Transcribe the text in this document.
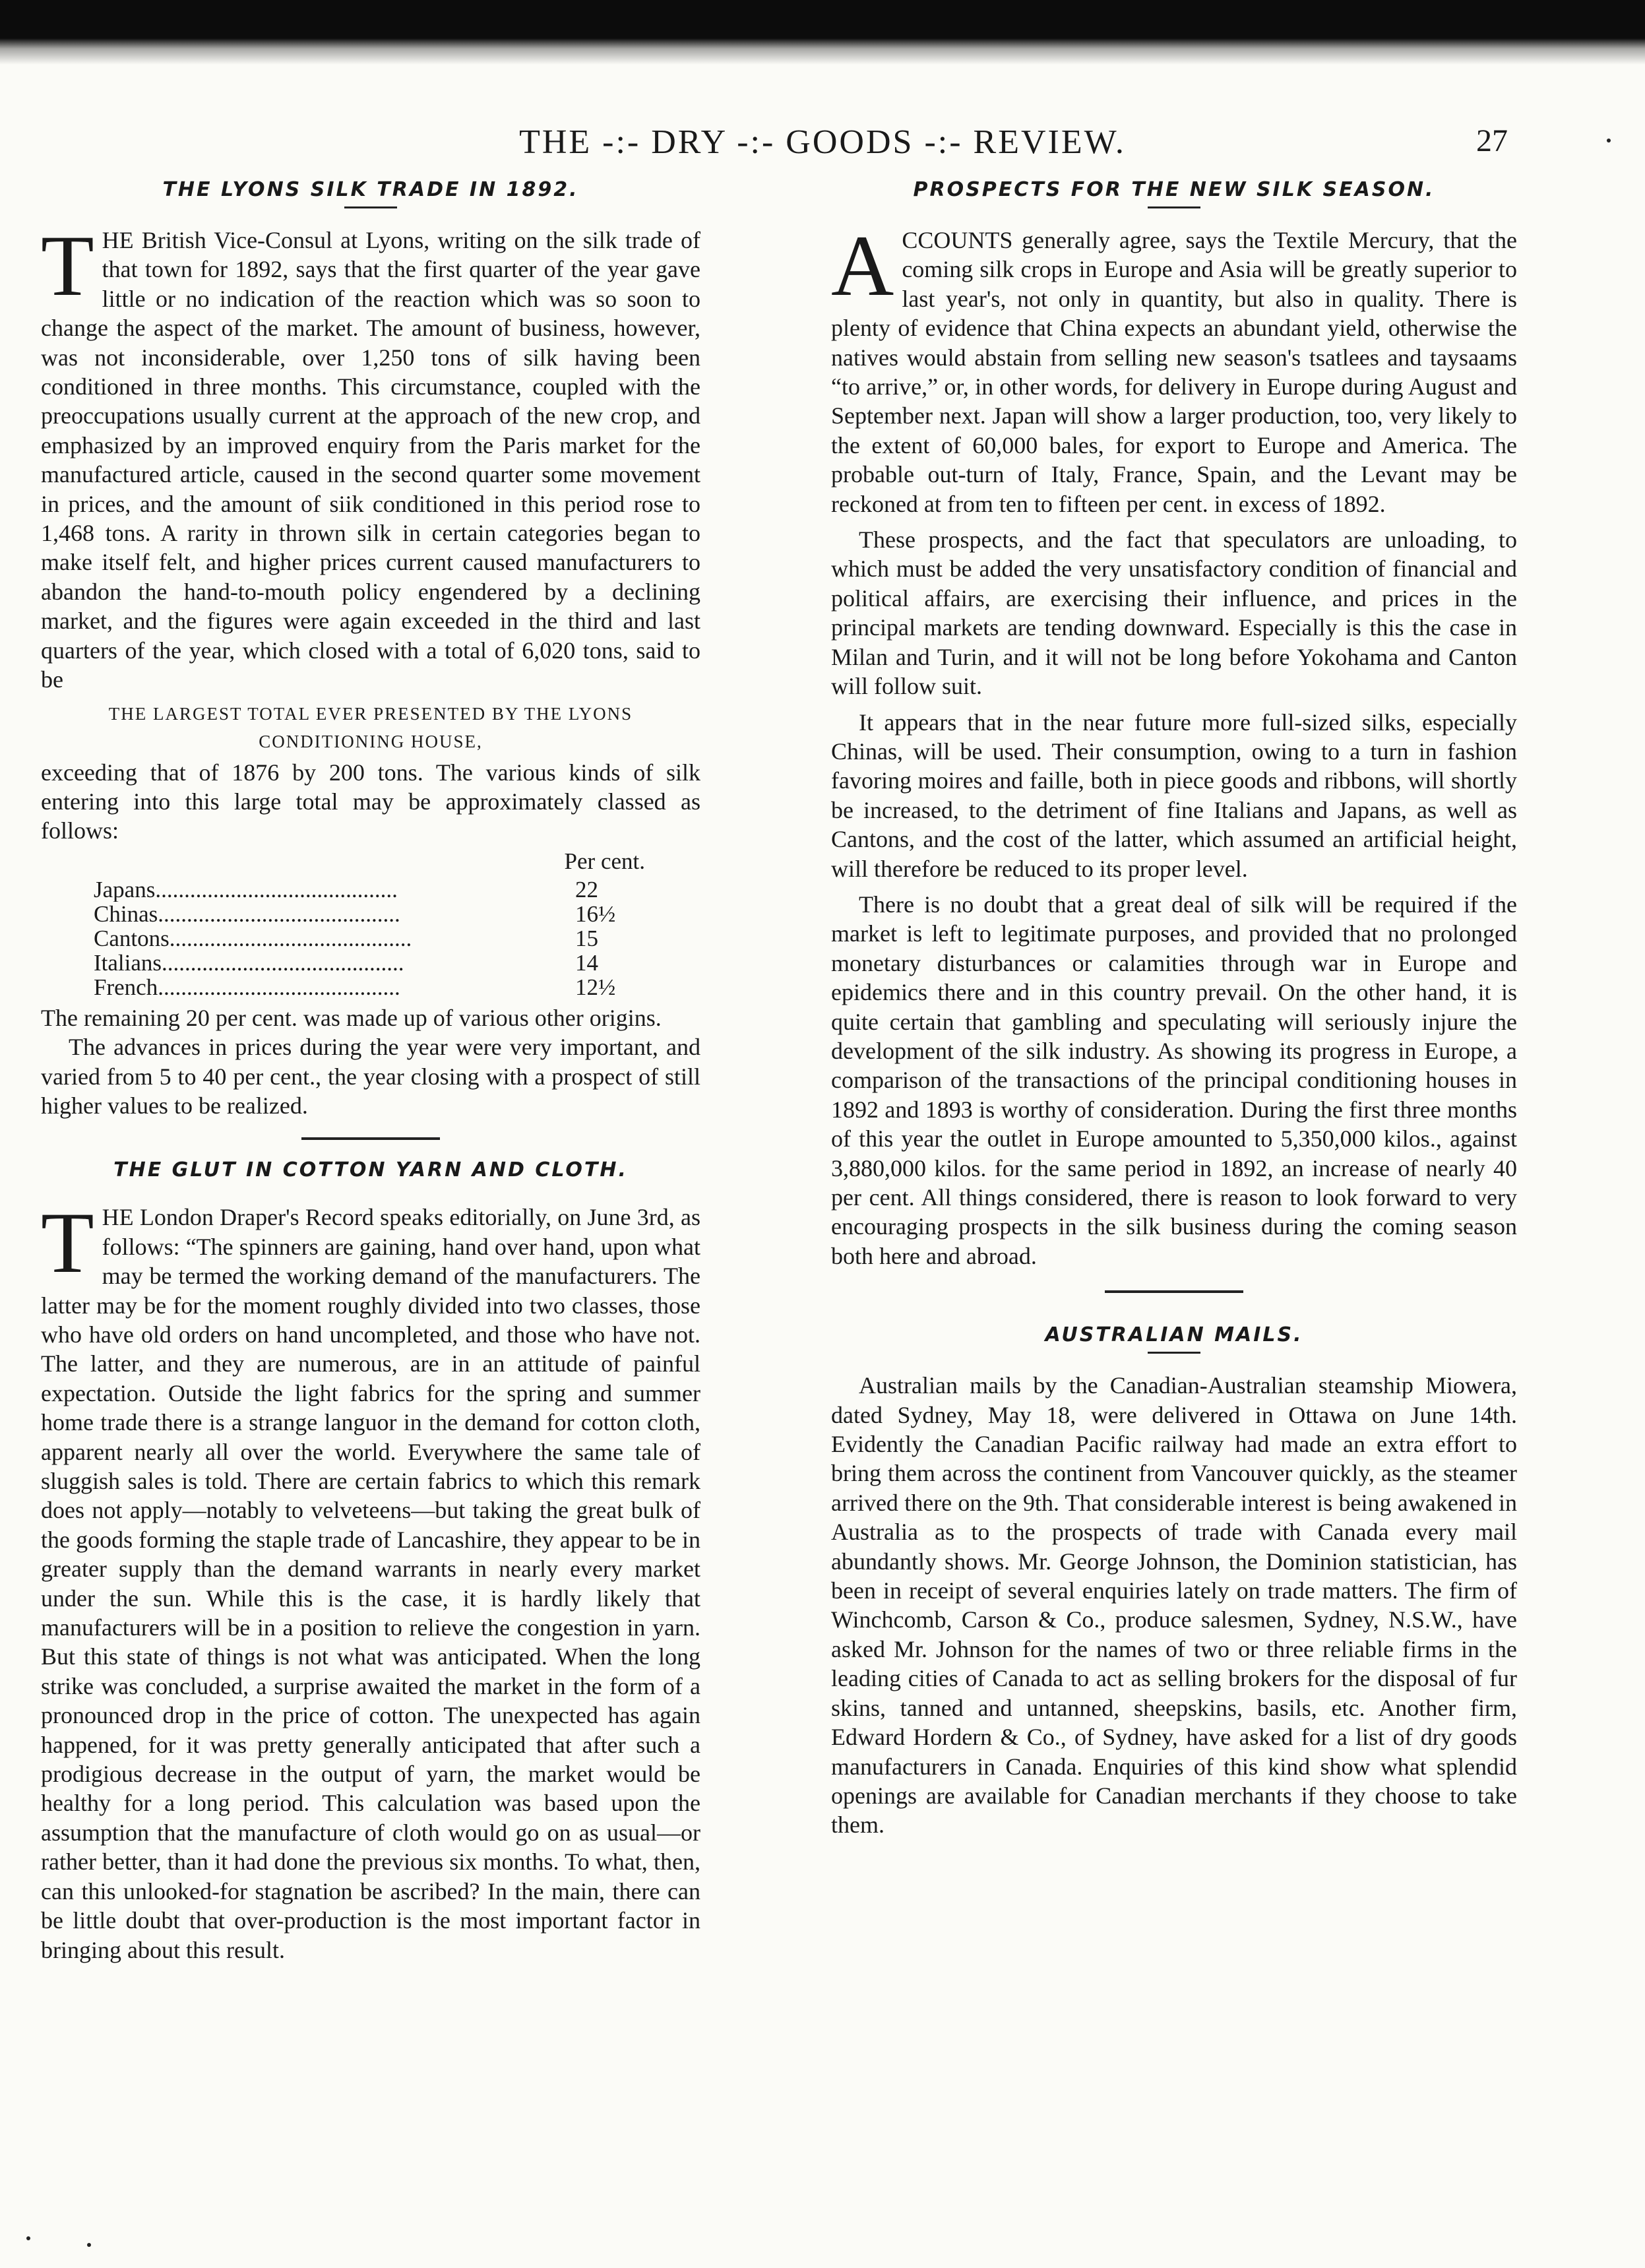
THE -:- DRY -:- GOODS -:- REVIEW.	27
THE LYONS SILK TRADE IN 1892.

THE British Vice-Consul at Lyons, writing on the silk trade of that town for 1892, says that the first quarter of the year gave little or no indication of the reaction which was so soon to change the aspect of the market. The amount of business, however, was not inconsiderable, over 1,250 tons of silk having been conditioned in three months. This circumstance, coupled with the preoccupations usually current at the approach of the new crop, and emphasized by an improved enquiry from the Paris market for the manufactured article, caused in the second quarter some movement in prices, and the amount of siik conditioned in this period rose to 1,468 tons. A rarity in thrown silk in certain categories began to make itself felt, and higher prices current caused manufacturers to abandon the hand-to-mouth policy engendered by a declining market, and the figures were again exceeded in the third and last quarters of the year, which closed with a total of 6,020 tons, said to be

THE LARGEST TOTAL EVER PRESENTED BY THE LYONS CONDITIONING HOUSE,

exceeding that of 1876 by 200 tons. The various kinds of silk entering into this large total may be approximately classed as follows:

Per cent.
Japans..........................................	22
Chinas..........................................	16½
Cantons..........................................	15
Italians..........................................	14
French..........................................	12½

The remaining 20 per cent. was made up of various other origins.

The advances in prices during the year were very important, and varied from 5 to 40 per cent., the year closing with a prospect of still higher values to be realized.

THE GLUT IN COTTON YARN AND CLOTH.

THE London Draper's Record speaks editorially, on June 3rd, as follows: “The spinners are gaining, hand over hand, upon what may be termed the working demand of the manufacturers. The latter may be for the moment roughly divided into two classes, those who have old orders on hand uncompleted, and those who have not. The latter, and they are numerous, are in an attitude of painful expectation. Outside the light fabrics for the spring and summer home trade there is a strange languor in the demand for cotton cloth, apparent nearly all over the world. Everywhere the same tale of sluggish sales is told. There are certain fabrics to which this remark does not apply—notably to velveteens—but taking the great bulk of the goods forming the staple trade of Lancashire, they appear to be in greater supply than the demand warrants in nearly every market under the sun. While this is the case, it is hardly likely that manufacturers will be in a position to relieve the congestion in yarn. But this state of things is not what was anticipated. When the long strike was concluded, a surprise awaited the market in the form of a pronounced drop in the price of cotton. The unexpected has again happened, for it was pretty generally anticipated that after such a prodigious decrease in the output of yarn, the market would be healthy for a long period. This calculation was based upon the assumption that the manufacture of cloth would go on as usual—or rather better, than it had done the previous six months. To what, then, can this unlooked-for stagnation be ascribed? In the main, there can be little doubt that over-production is the most important factor in bringing about this result.

PROSPECTS FOR THE NEW SILK SEASON.

ACCOUNTS generally agree, says the Textile Mercury, that the coming silk crops in Europe and Asia will be greatly superior to last year's, not only in quantity, but also in quality. There is plenty of evidence that China expects an abundant yield, otherwise the natives would abstain from selling new season's tsatlees and taysaams “to arrive,” or, in other words, for delivery in Europe during August and September next. Japan will show a larger production, too, very likely to the extent of 60,000 bales, for export to Europe and America. The probable out-turn of Italy, France, Spain, and the Levant may be reckoned at from ten to fifteen per cent. in excess of 1892.

These prospects, and the fact that speculators are unloading, to which must be added the very unsatisfactory condition of financial and political affairs, are exercising their influence, and prices in the principal markets are tending downward. Especially is this the case in Milan and Turin, and it will not be long before Yokohama and Canton will follow suit.

It appears that in the near future more full-sized silks, especially Chinas, will be used. Their consumption, owing to a turn in fashion favoring moires and faille, both in piece goods and ribbons, will shortly be increased, to the detriment of fine Italians and Japans, as well as Cantons, and the cost of the latter, which assumed an artificial height, will therefore be reduced to its proper level.

There is no doubt that a great deal of silk will be required if the market is left to legitimate purposes, and provided that no prolonged monetary disturbances or calamities through war in Europe and epidemics there and in this country prevail. On the other hand, it is quite certain that gambling and speculating will seriously injure the development of the silk industry. As showing its progress in Europe, a comparison of the transactions of the principal conditioning houses in 1892 and 1893 is worthy of consideration. During the first three months of this year the outlet in Europe amounted to 5,350,000 kilos., against 3,880,000 kilos. for the same period in 1892, an increase of nearly 40 per cent. All things considered, there is reason to look forward to very encouraging prospects in the silk business during the coming season both here and abroad.

AUSTRALIAN MAILS.

Australian mails by the Canadian-Australian steamship Miowera, dated Sydney, May 18, were delivered in Ottawa on June 14th. Evidently the Canadian Pacific railway had made an extra effort to bring them across the continent from Vancouver quickly, as the steamer arrived there on the 9th. That considerable interest is being awakened in Australia as to the prospects of trade with Canada every mail abundantly shows. Mr. George Johnson, the Dominion statistician, has been in receipt of several enquiries lately on trade matters. The firm of Winchcomb, Carson & Co., produce salesmen, Sydney, N.S.W., have asked Mr. Johnson for the names of two or three reliable firms in the leading cities of Canada to act as selling brokers for the disposal of fur skins, tanned and untanned, sheepskins, basils, etc. Another firm, Edward Hordern & Co., of Sydney, have asked for a list of dry goods manufacturers in Canada. Enquiries of this kind show what splendid openings are available for Canadian merchants if they choose to take them.
